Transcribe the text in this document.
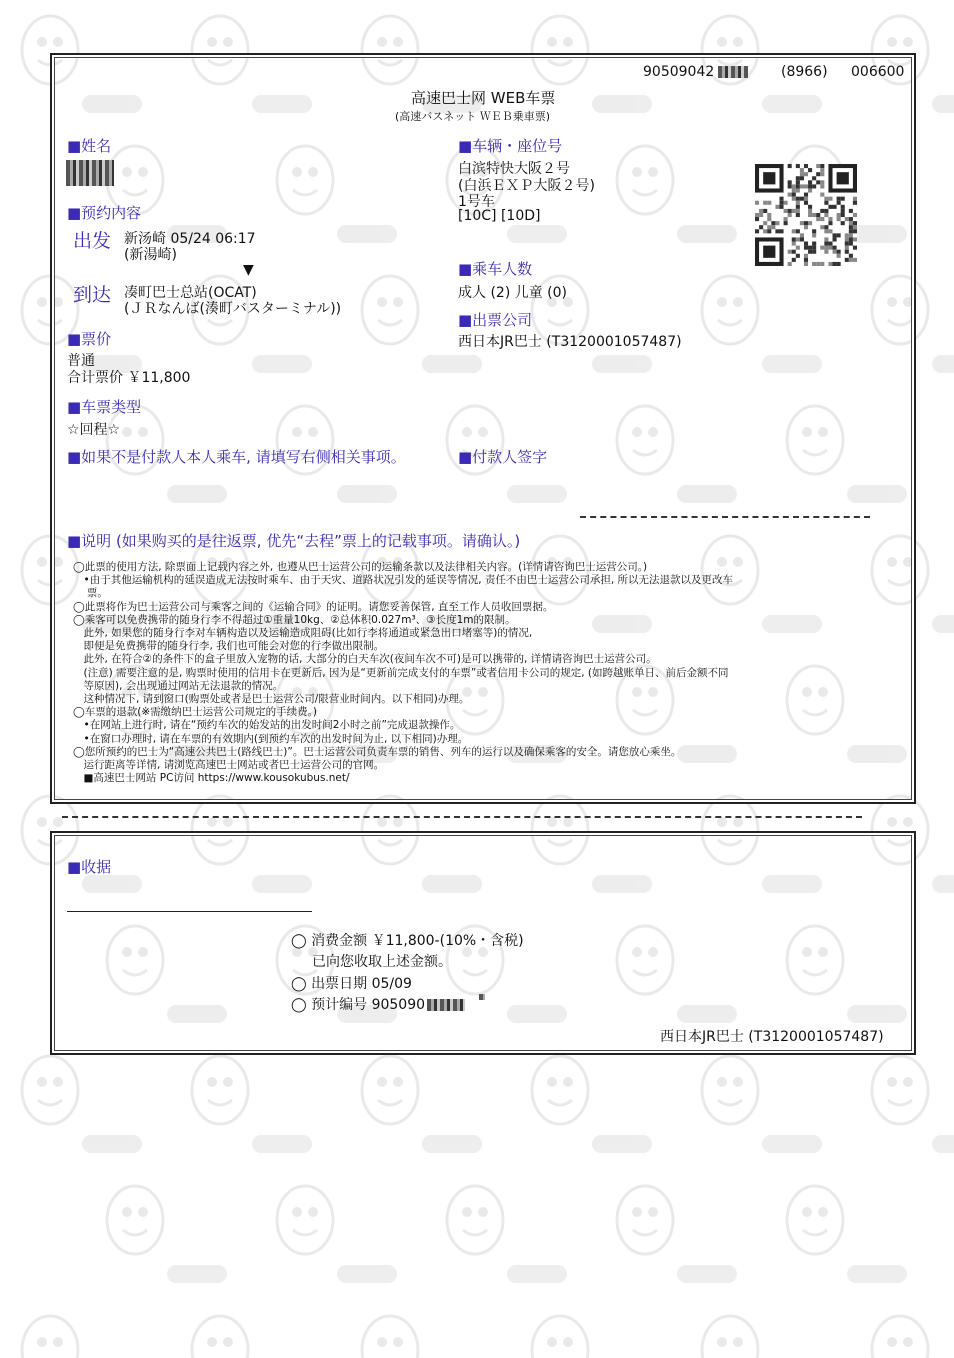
90509042	(8966) 006600
高速巴士网 WEB车票
(高速バスネット ＷＥＢ乗車票)
■姓名
■预约内容
出发 新汤崎 05/24 06:17
(新湯崎)
▼
到达 凑町巴士总站(OCAT)
(ＪＲなんば(湊町バスターミナル))
■票价
普通
合计票价 ￥11,800
■车票类型
☆回程☆
■如果不是付款人本人乘车, 请填写右侧相关事项。
■车辆・座位号
白滨特快大阪２号
(白浜ＥＸＰ大阪２号)
1号车
[10C] [10D]
■乘车人数
成人 (2) 儿童 (0)
■出票公司
西日本JR巴士 (T3120001057487)
■付款人签字
■说明 (如果购买的是往返票, 优先“去程”票上的记载事项。请确认。)
◯此票的使用方法, 除票面上记载内容之外, 也遵从巴士运营公司的运输条款以及法律相关内容。(详情请咨询巴士运营公司。)
　•由于其他运输机构的延误造成无法按时乘车、由于天灾、道路状况引发的延误等情况, 责任不由巴士运营公司承担, 所以无法退款以及更改车
　 票。
◯此票将作为巴士运营公司与乘客之间的《运输合同》的证明。请您妥善保管, 直至工作人员收回票据。
◯乘客可以免费携带的随身行李不得超过①重量10kg、②总体积0.027m³、③长度1m的限制。
　此外, 如果您的随身行李对车辆构造以及运输造成阻碍(比如行李将通道或紧急出口堵塞等)的情况,
　即便是免费携带的随身行李, 我们也可能会对您的行李做出限制。
　此外, 在符合②的条件下的盒子里放入宠物的话, 大部分的白天车次(夜间车次不可)是可以携带的, 详情请咨询巴士运营公司。
　(注意) 需要注意的是, 购票时使用的信用卡在更新后, 因为是“更新前完成支付的车票”或者信用卡公司的规定, (如跨越账单日、前后金额不同
　等原因), 会出现通过网站无法退款的情况。
　这种情况下, 请到窗口(购票处或者是巴士运营公司/限营业时间内。以下相同)办理。
◯车票的退款(※需缴纳巴士运营公司规定的手续费。)
　•在网站上进行时, 请在“预约车次的始发站的出发时间2小时之前”完成退款操作。
　•在窗口办理时, 请在车票的有效期内(到预约车次的出发时间为止, 以下相同)办理。
◯您所预约的巴士为“高速公共巴士(路线巴士)”。巴士运营公司负责车票的销售、列车的运行以及确保乘客的安全。请您放心乘坐。
　运行距离等详情, 请浏览高速巴士网站或者巴士运营公司的官网。
　■高速巴士网站 PC访问 https://www.kousokubus.net/
■收据
◯ 消费金额 ￥11,800-(10%・含税)
已向您收取上述金额。
◯ 出票日期 05/09
◯ 预计编号 905090
西日本JR巴士 (T3120001057487)
